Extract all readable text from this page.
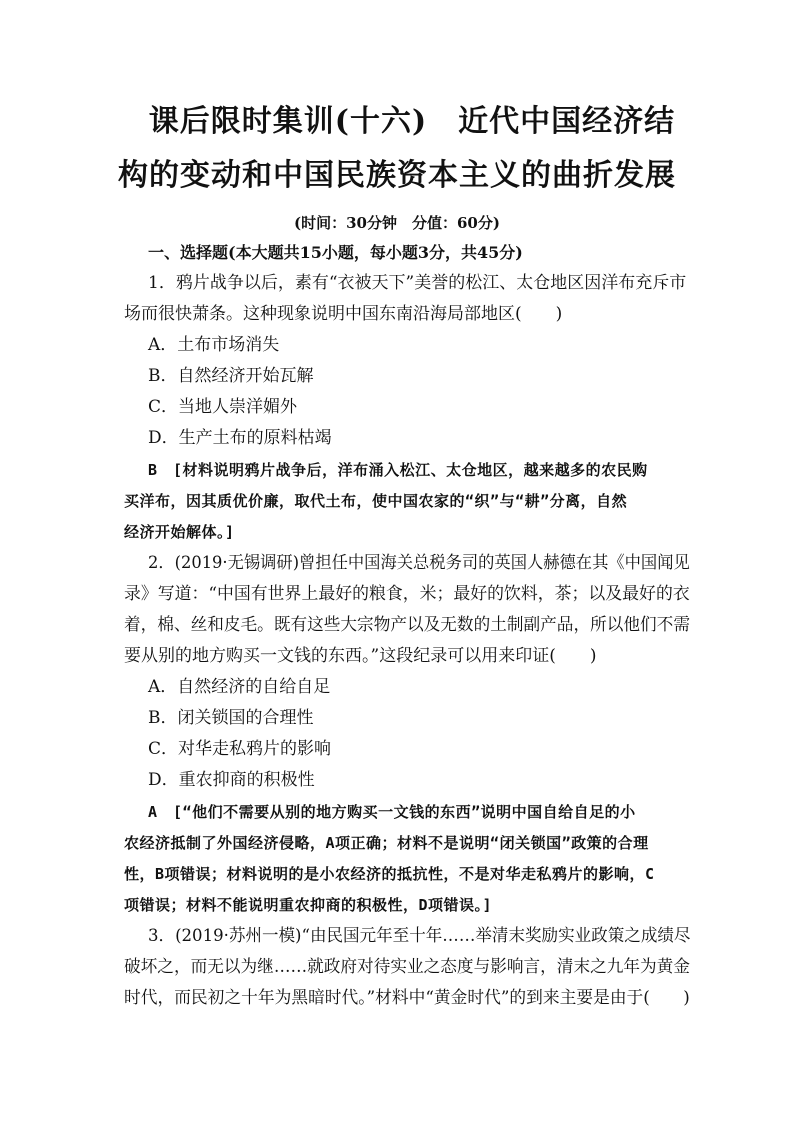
课后限时集训(十六)　近代中国经济结
构的变动和中国民族资本主义的曲折发展
(时间：30分钟　分值：60分)
一、选择题(本大题共15小题，每小题3分，共45分)
1．鸦片战争以后，素有“衣被天下”美誉的松江、太仓地区因洋布充斥市
场而很快萧条。这种现象说明中国东南沿海局部地区(　　)
A．土布市场消失
B．自然经济开始瓦解
C．当地人崇洋媚外
D．生产土布的原料枯竭
B　[材料说明鸦片战争后，洋布涌入松江、太仓地区，越来越多的农民购
买洋布，因其质优价廉，取代土布，使中国农家的“织”与“耕”分离，自然
经济开始解体。]
2．(2019·无锡调研)曾担任中国海关总税务司的英国人赫德在其《中国闻见
录》写道：“中国有世界上最好的粮食，米；最好的饮料，茶；以及最好的衣
着，棉、丝和皮毛。既有这些大宗物产以及无数的土制副产品，所以他们不需
要从别的地方购买一文钱的东西。”这段纪录可以用来印证(　　)
A．自然经济的自给自足
B．闭关锁国的合理性
C．对华走私鸦片的影响
D．重农抑商的积极性
A　[“他们不需要从别的地方购买一文钱的东西”说明中国自给自足的小
农经济抵制了外国经济侵略，A项正确；材料不是说明“闭关锁国”政策的合理
性，B项错误；材料说明的是小农经济的抵抗性，不是对华走私鸦片的影响，C
项错误；材料不能说明重农抑商的积极性，D项错误。]
3．(2019·苏州一模)“由民国元年至十年……举清末奖励实业政策之成绩尽
破坏之，而无以为继……就政府对待实业之态度与影响言，清末之九年为黄金
时代，而民初之十年为黑暗时代。”材料中“黄金时代”的到来主要是由于(　　)
